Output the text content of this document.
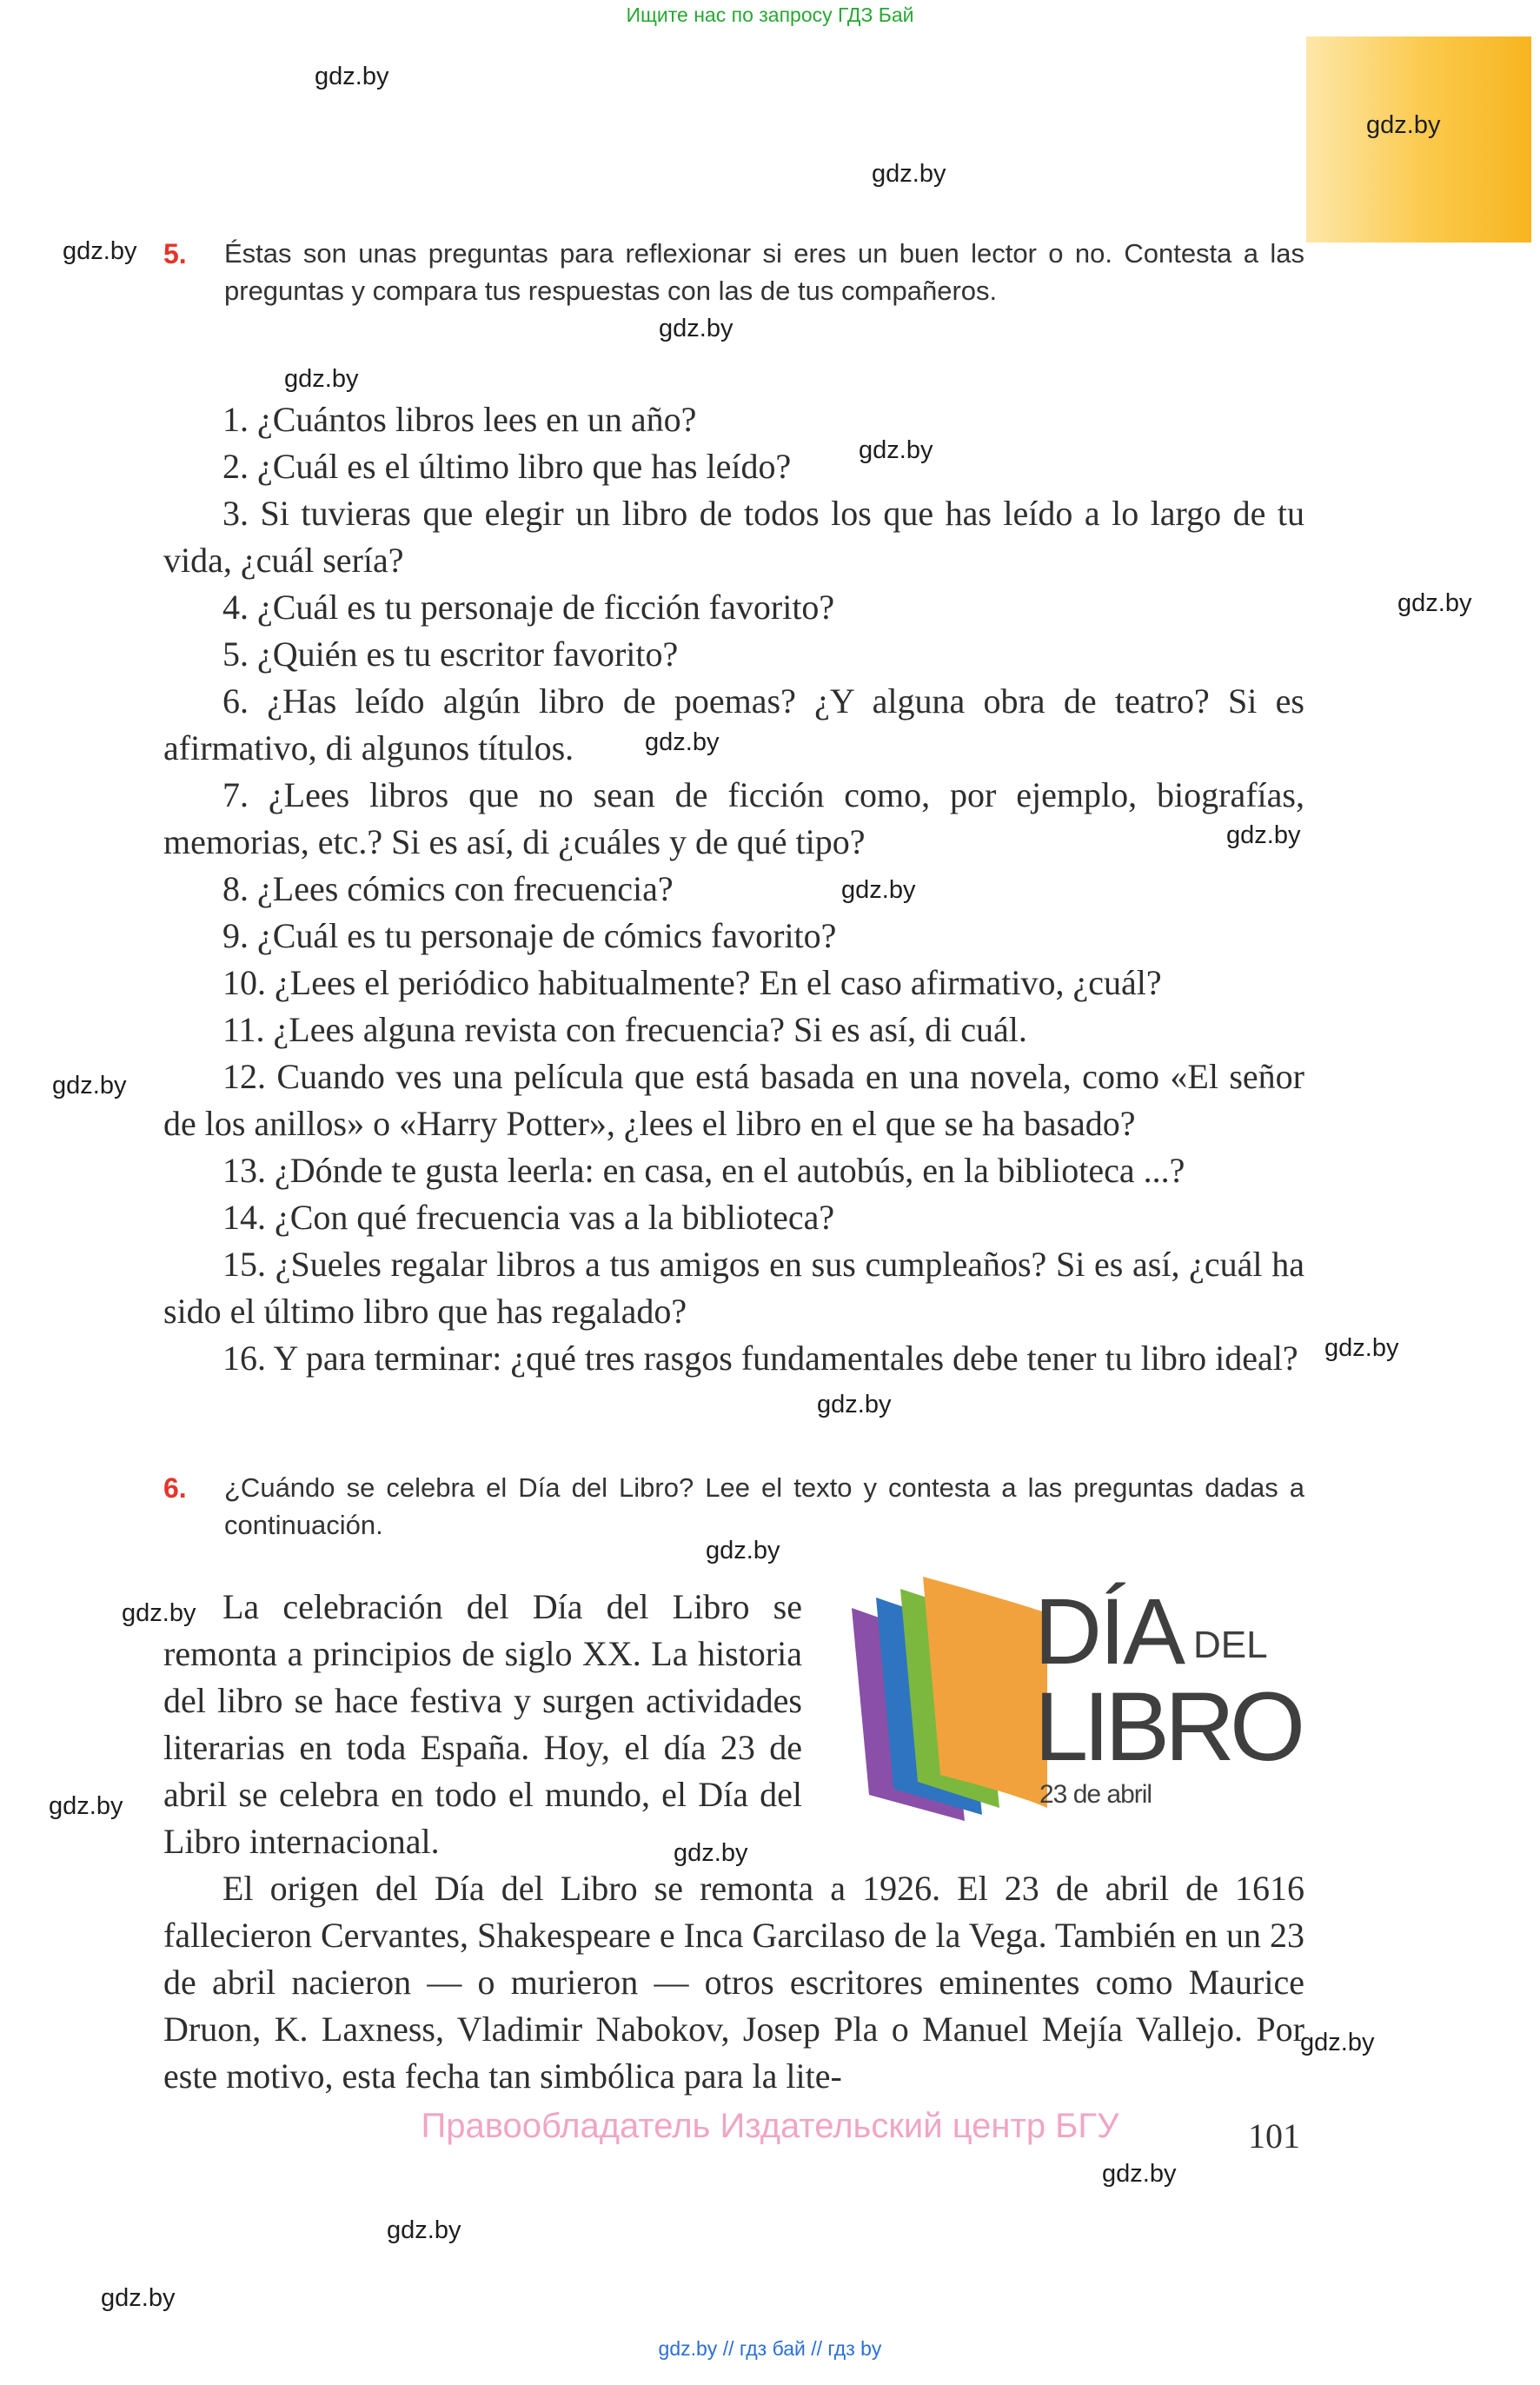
Ищите нас по запросу ГДЗ Бай
gdz.by
gdz.by
gdz.by
gdz.by
gdz.by
gdz.by
gdz.by
gdz.by
gdz.by
gdz.by
gdz.by
gdz.by
gdz.by
gdz.by
gdz.by
gdz.by
gdz.by
gdz.by
gdz.by
gdz.by
gdz.by
gdz.by
5. Éstas son unas preguntas para reflexionar si eres un buen lector o no. Contesta a las preguntas y compara tus respuestas con las de tus compañeros.
1. ¿Cuántos libros lees en un año?
2. ¿Cuál es el último libro que has leído?
3. Si tuvieras que elegir un libro de todos los que has leído a lo largo de tu vida, ¿cuál sería?
4. ¿Cuál es tu personaje de ficción favorito?
5. ¿Quién es tu escritor favorito?
6. ¿Has leído algún libro de poemas? ¿Y alguna obra de teatro? Si es afirmativo, di algunos títulos.
7. ¿Lees libros que no sean de ficción como, por ejemplo, biografías, memorias, etc.? Si es así, di ¿cuáles y de qué tipo?
8. ¿Lees cómics con frecuencia?
9. ¿Cuál es tu personaje de cómics favorito?
10. ¿Lees el periódico habitualmente? En el caso afirmativo, ¿cuál?
11. ¿Lees alguna revista con frecuencia? Si es así, di cuál.
12. Cuando ves una película que está basada en una novela, como «El señor de los anillos» o «Harry Potter», ¿lees el libro en el que se ha basado?
13. ¿Dónde te gusta leerla: en casa, en el autobús, en la biblioteca ...?
14. ¿Con qué frecuencia vas a la biblioteca?
15. ¿Sueles regalar libros a tus amigos en sus cumpleaños? Si es así, ¿cuál ha sido el último libro que has regalado?
16. Y para terminar: ¿qué tres rasgos fundamentales debe tener tu libro ideal?
6. ¿Cuándo se celebra el Día del Libro? Lee el texto y contesta a las preguntas dadas a continuación.
La celebración del Día del Libro se remonta a principios de siglo XX. La historia del libro se hace festiva y surgen actividades literarias en toda España. Hoy, el día 23 de abril se celebra en todo el mundo, el Día del Libro internacional.
DÍA DEL
LIBRO
23 de abril
El origen del Día del Libro se remonta a 1926. El 23 de abril de 1616 fallecieron Cervantes, Shakespeare e Inca Garcilaso de la Vega. También en un 23 de abril nacieron — o murieron — otros escritores eminentes como Maurice Druon, K. Laxness, Vladimir Nabokov, Josep Pla o Manuel Mejía Vallejo. Por este motivo, esta fecha tan simbólica para la lite-
Правообладатель Издательский центр БГУ	101
gdz.by // гдз бай // гдз by
